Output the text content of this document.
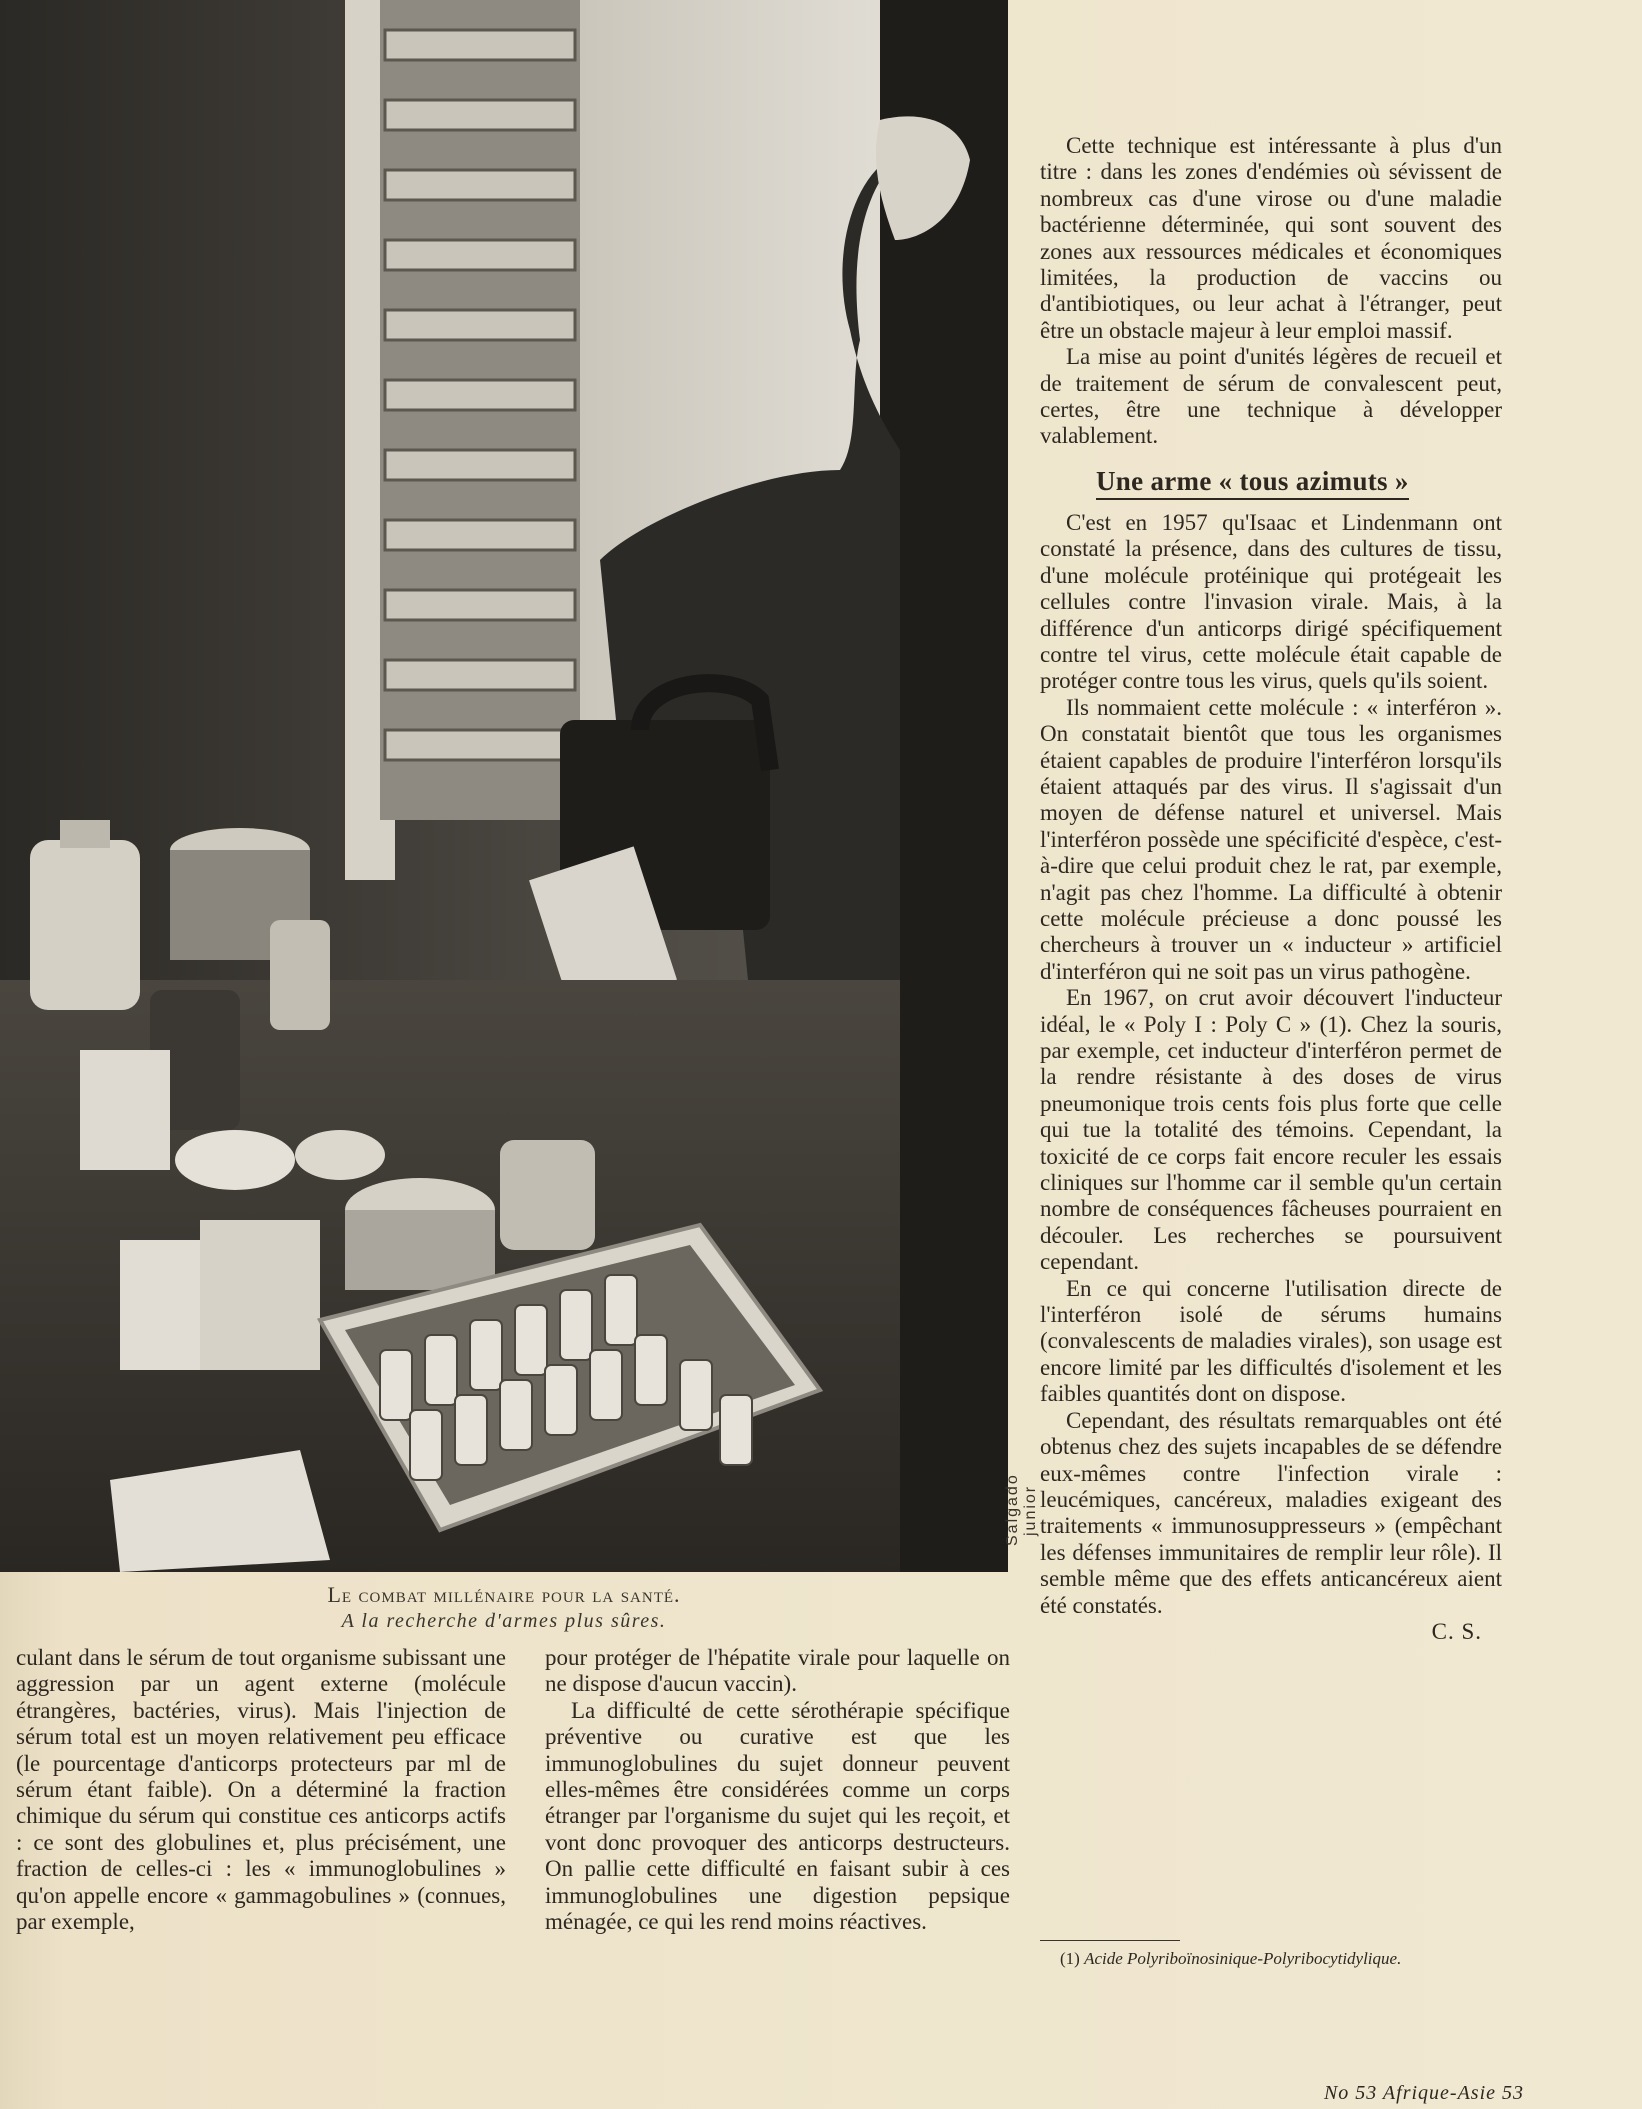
Salgado junior
Le combat millénaire pour la santé.
A la recherche d'armes plus sûres.

Cette technique est intéressante à plus d'un titre : dans les zones d'endémies où sévissent de nombreux cas d'une virose ou d'une maladie bactérienne déterminée, qui sont souvent des zones aux ressources médicales et économiques limitées, la production de vaccins ou d'antibiotiques, ou leur achat à l'étranger, peut être un obstacle majeur à leur emploi massif.

La mise au point d'unités légères de recueil et de traitement de sérum de convalescent peut, certes, être une technique à développer valablement.

Une arme « tous azimuts »

C'est en 1957 qu'Isaac et Lindenmann ont constaté la présence, dans des cultures de tissu, d'une molécule protéinique qui protégeait les cellules contre l'invasion virale. Mais, à la différence d'un anticorps dirigé spécifiquement contre tel virus, cette molécule était capable de protéger contre tous les virus, quels qu'ils soient.

Ils nommaient cette molécule : « interféron ». On constatait bientôt que tous les organismes étaient capables de produire l'interféron lorsqu'ils étaient attaqués par des virus. Il s'agissait d'un moyen de défense naturel et universel. Mais l'interféron possède une spécificité d'espèce, c'est-à-dire que celui produit chez le rat, par exemple, n'agit pas chez l'homme. La difficulté à obtenir cette molécule précieuse a donc poussé les chercheurs à trouver un « inducteur » artificiel d'interféron qui ne soit pas un virus pathogène.

En 1967, on crut avoir découvert l'inducteur idéal, le « Poly I : Poly C » (1). Chez la souris, par exemple, cet inducteur d'interféron permet de la rendre résistante à des doses de virus pneumonique trois cents fois plus forte que celle qui tue la totalité des témoins. Cependant, la toxicité de ce corps fait encore reculer les essais cliniques sur l'homme car il semble qu'un certain nombre de conséquences fâcheuses pourraient en découler. Les recherches se poursuivent cependant.

En ce qui concerne l'utilisation directe de l'interféron isolé de sérums humains (convalescents de maladies virales), son usage est encore limité par les difficultés d'isolement et les faibles quantités dont on dispose.

Cependant, des résultats remarquables ont été obtenus chez des sujets incapables de se défendre eux-mêmes contre l'infection virale : leucémiques, cancéreux, maladies exigeant des traitements « immunosuppresseurs » (empêchant les défenses immunitaires de remplir leur rôle). Il semble même que des effets anticancéreux aient été constatés.

C. S.

culant dans le sérum de tout organisme subissant une aggression par un agent externe (molécule étrangères, bactéries, virus). Mais l'injection de sérum total est un moyen relativement peu efficace (le pourcentage d'anticorps protecteurs par ml de sérum étant faible). On a déterminé la fraction chimique du sérum qui constitue ces anticorps actifs : ce sont des globulines et, plus précisément, une fraction de celles-ci : les « immunoglobulines » qu'on appelle encore « gammagobulines » (connues, par exemple,

pour protéger de l'hépatite virale pour laquelle on ne dispose d'aucun vaccin).

La difficulté de cette sérothérapie spécifique préventive ou curative est que les immunoglobulines du sujet donneur peuvent elles-mêmes être considérées comme un corps étranger par l'organisme du sujet qui les reçoit, et vont donc provoquer des anticorps destructeurs. On pallie cette difficulté en faisant subir à ces immunoglobulines une digestion pepsique ménagée, ce qui les rend moins réactives.

(1) Acide Polyriboïnosinique-Polyribocytidylique.
No 53 Afrique-Asie 53
